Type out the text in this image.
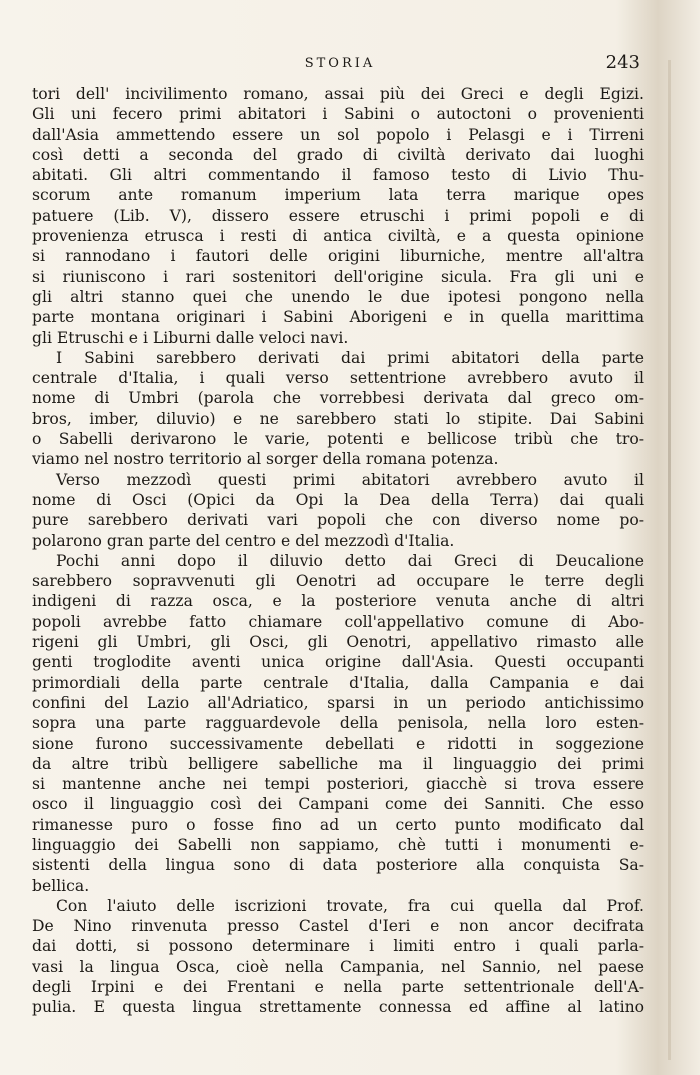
STORIA	243
tori dell' incivilimento romano, assai più dei Greci e degli Egizi.
Gli uni fecero primi abitatori i Sabini o autoctoni o provenienti
dall'Asia ammettendo essere un sol popolo i Pelasgi e i Tirreni
così detti a seconda del grado di civiltà derivato dai luoghi
abitati. Gli altri commentando il famoso testo di Livio Thu-
scorum ante romanum imperium lata terra marique opes
patuere (Lib. V), dissero essere etruschi i primi popoli e di
provenienza etrusca i resti di antica civiltà, e a questa opinione
si rannodano i fautori delle origini liburniche, mentre all'altra
si riuniscono i rari sostenitori dell'origine sicula. Fra gli uni e
gli altri stanno quei che unendo le due ipotesi pongono nella
parte montana originari i Sabini Aborigeni e in quella marittima
gli Etruschi e i Liburni dalle veloci navi.
I Sabini sarebbero derivati dai primi abitatori della parte
centrale d'Italia, i quali verso settentrione avrebbero avuto il
nome di Umbri (parola che vorrebbesi derivata dal greco om-
bros, imber, diluvio) e ne sarebbero stati lo stipite. Dai Sabini
o Sabelli derivarono le varie, potenti e bellicose tribù che tro-
viamo nel nostro territorio al sorger della romana potenza.
Verso mezzodì questi primi abitatori avrebbero avuto il
nome di Osci (Opici da Opi la Dea della Terra) dai quali
pure sarebbero derivati vari popoli che con diverso nome po-
polarono gran parte del centro e del mezzodì d'Italia.
Pochi anni dopo il diluvio detto dai Greci di Deucalione
sarebbero sopravvenuti gli Oenotri ad occupare le terre degli
indigeni di razza osca, e la posteriore venuta anche di altri
popoli avrebbe fatto chiamare coll'appellativo comune di Abo-
rigeni gli Umbri, gli Osci, gli Oenotri, appellativo rimasto alle
genti troglodite aventi unica origine dall'Asia. Questi occupanti
primordiali della parte centrale d'Italia, dalla Campania e dai
confini del Lazio all'Adriatico, sparsi in un periodo antichissimo
sopra una parte ragguardevole della penisola, nella loro esten-
sione furono successivamente debellati e ridotti in soggezione
da altre tribù belligere sabelliche ma il linguaggio dei primi
si mantenne anche nei tempi posteriori, giacchè si trova essere
osco il linguaggio così dei Campani come dei Sanniti. Che esso
rimanesse puro o fosse fino ad un certo punto modificato dal
linguaggio dei Sabelli non sappiamo, chè tutti i monumenti e-
sistenti della lingua sono di data posteriore alla conquista Sa-
bellica.
Con l'aiuto delle iscrizioni trovate, fra cui quella dal Prof.
De Nino rinvenuta presso Castel d'Ieri e non ancor decifrata
dai dotti, si possono determinare i limiti entro i quali parla-
vasi la lingua Osca, cioè nella Campania, nel Sannio, nel paese
degli Irpini e dei Frentani e nella parte settentrionale dell'A-
pulia. E questa lingua strettamente connessa ed affine al latino
